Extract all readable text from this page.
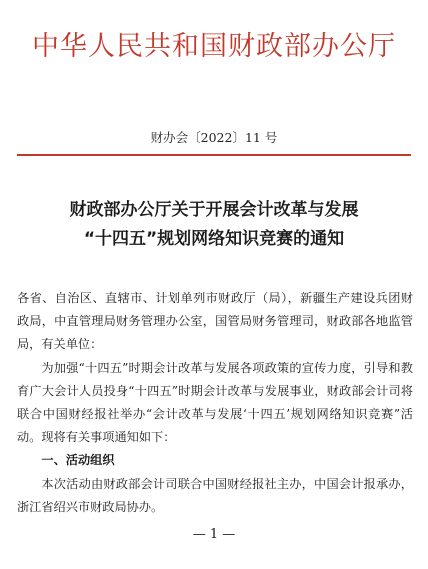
中华人民共和国财政部办公厅
财办会〔2022〕11 号
财政部办公厅关于开展会计改革与发展
“十四五”规划网络知识竞赛的通知

各省、自治区、直辖市、计划单列市财政厅（局），新疆生产建设兵团财政局，中直管理局财务管理办公室，国管局财务管理司，财政部各地监管局，有关单位：

为加强“十四五”时期会计改革与发展各项政策的宣传力度，引导和教育广大会计人员投身“十四五”时期会计改革与发展事业，财政部会计司将联合中国财经报社举办“会计改革与发展‘十四五’规划网络知识竞赛”活动。现将有关事项通知如下：

一、活动组织

本次活动由财政部会计司联合中国财经报社主办，中国会计报承办，浙江省绍兴市财政局协办。

— 1 —
